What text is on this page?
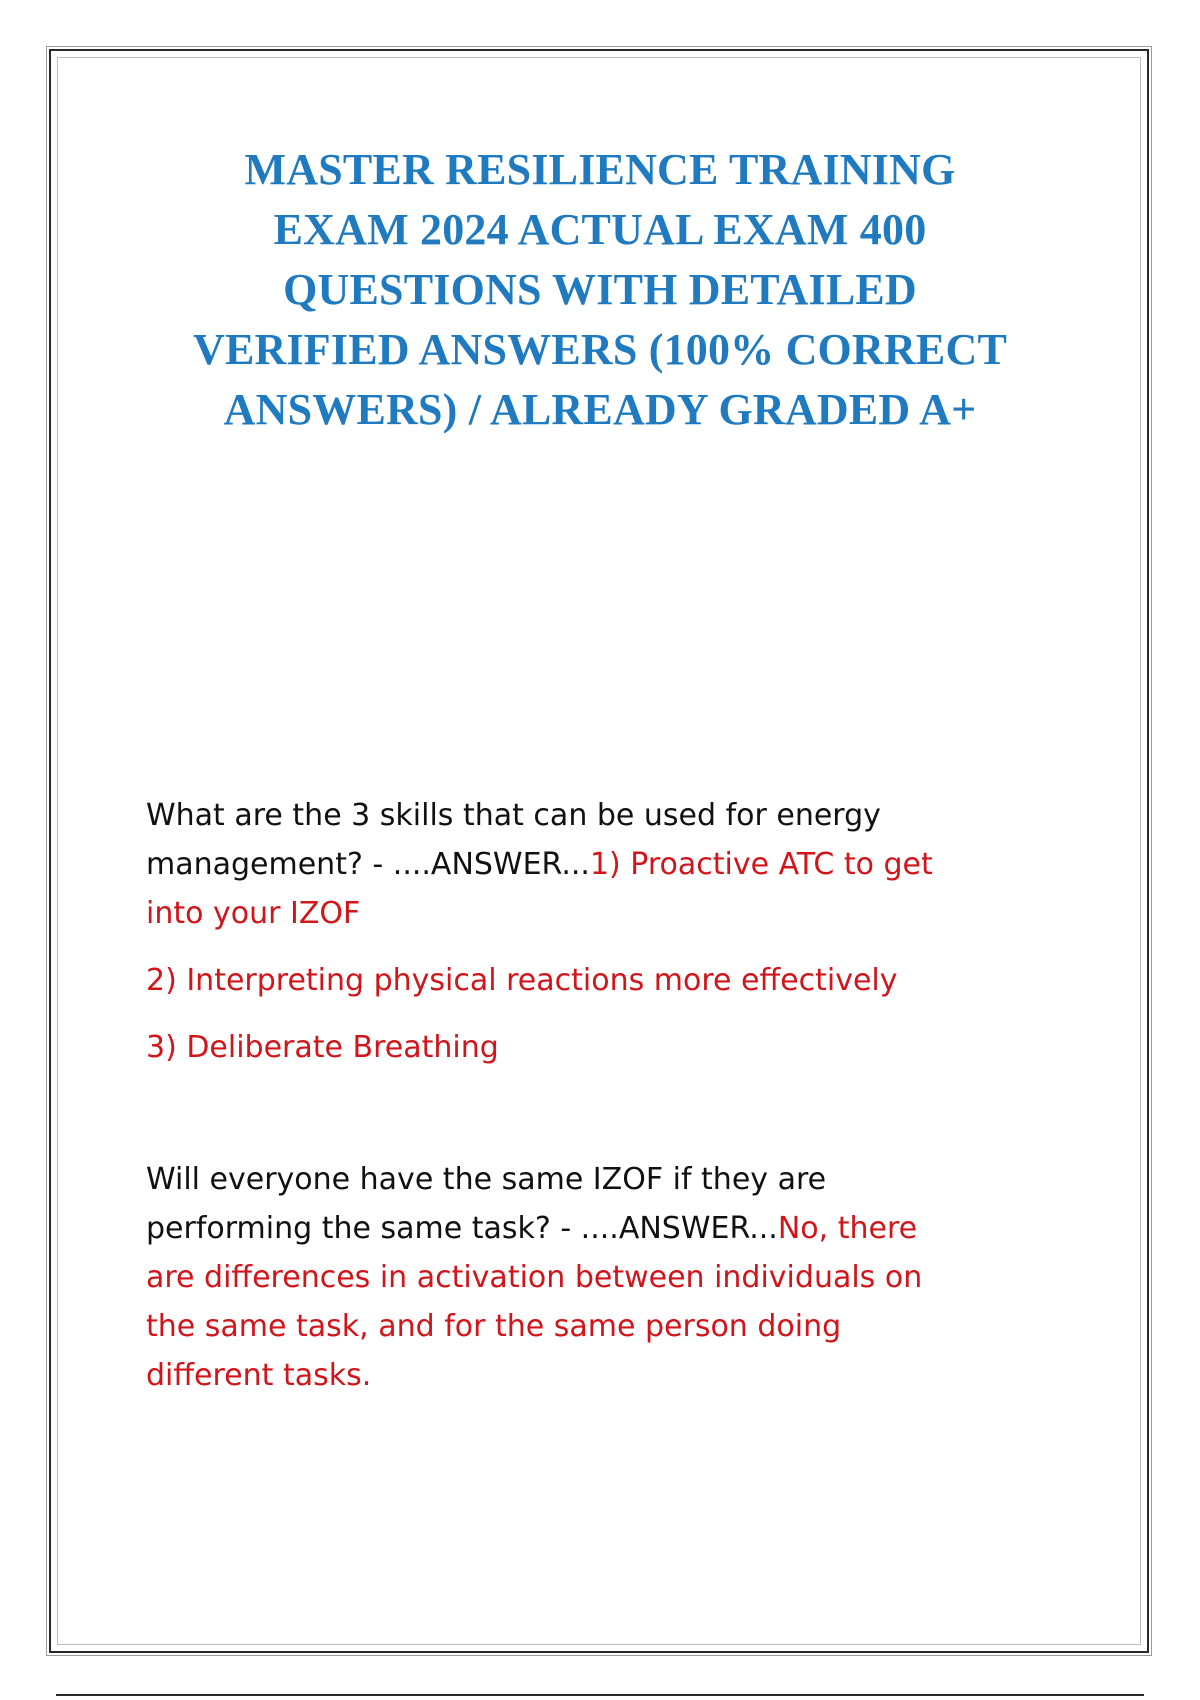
MASTER RESILIENCE TRAINING
EXAM 2024 ACTUAL EXAM 400
QUESTIONS WITH DETAILED
VERIFIED ANSWERS (100% CORRECT
ANSWERS) / ALREADY GRADED A+

What are the 3 skills that can be used for energy
management? - ....ANSWER...1) Proactive ATC to get
into your IZOF

2) Interpreting physical reactions more effectively

3) Deliberate Breathing

Will everyone have the same IZOF if they are
performing the same task? - ....ANSWER...No, there
are differences in activation between individuals on
the same task, and for the same person doing
different tasks.
